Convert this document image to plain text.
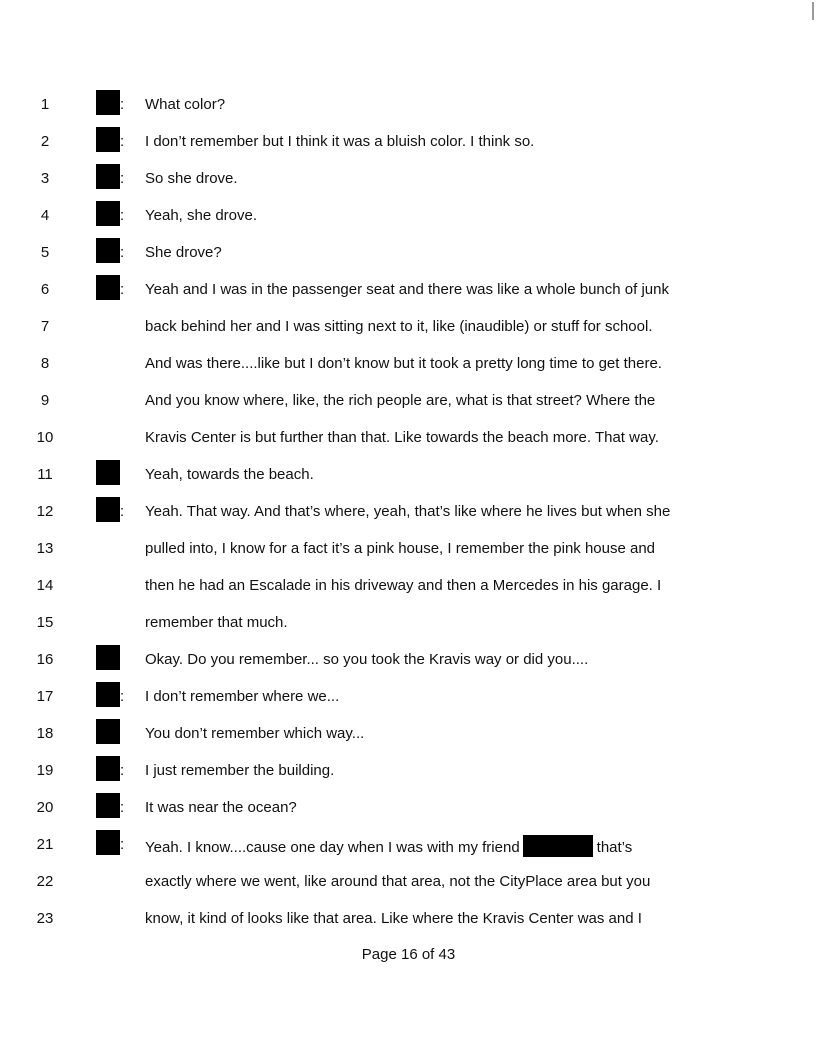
1	: What color?
2	: I don’t remember but I think it was a bluish color. I think so.
3	: So she drove.
4	: Yeah, she drove.
5	: She drove?
6	: Yeah and I was in the passenger seat and there was like a whole bunch of junk
7	back behind her and I was sitting next to it, like (inaudible) or stuff for school.
8	And was there....like but I don’t know but it took a pretty long time to get there.
9	And you know where, like, the rich people are, what is that street? Where the
10	Kravis Center is but further than that. Like towards the beach more. That way.
11	Yeah, towards the beach.
12	: Yeah. That way. And that’s where, yeah, that’s like where he lives but when she
13	pulled into, I know for a fact it’s a pink house, I remember the pink house and
14	then he had an Escalade in his driveway and then a Mercedes in his garage. I
15	remember that much.
16	Okay. Do you remember... so you took the Kravis way or did you....
17	: I don’t remember where we...
18	You don’t remember which way...
19	: I just remember the building.
20	: It was near the ocean?
21	: Yeah. I know....cause one day when I was with my friend	that’s
22	exactly where we went, like around that area, not the CityPlace area but you
23	know, it kind of looks like that area. Like where the Kravis Center was and I
Page 16 of 43
